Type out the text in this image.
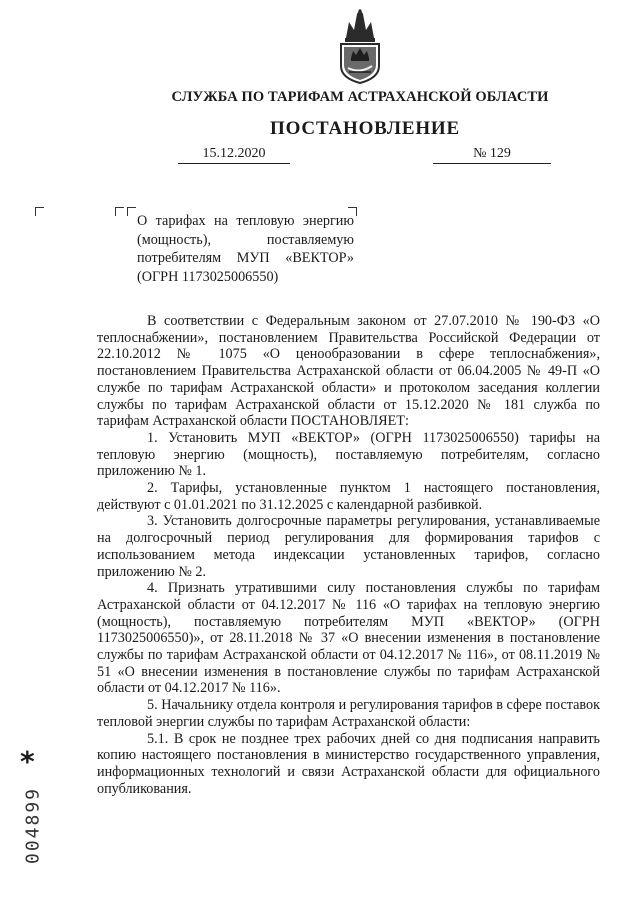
СЛУЖБА ПО ТАРИФАМ АСТРАХАНСКОЙ ОБЛАСТИ
ПОСТАНОВЛЕНИЕ
15.12.2020	№ 129
О тарифах на тепловую энергию
(мощность), поставляемую
потребителям МУП «ВЕКТОР»
(ОГРН 1173025006550)

В соответствии с Федеральным законом от 27.07.2010 № 190-ФЗ «О теплоснабжении», постановлением Правительства Российской Федерации от 22.10.2012 № 1075 «О ценообразовании в сфере теплоснабжения», постановлением Правительства Астраханской области от 06.04.2005 № 49-П «О службе по тарифам Астраханской области» и протоколом заседания коллегии службы по тарифам Астраханской области от 15.12.2020 № 181 служба по тарифам Астраханской области ПОСТАНОВЛЯЕТ:

1. Установить МУП «ВЕКТОР» (ОГРН 1173025006550) тарифы на тепловую энергию (мощность), поставляемую потребителям, согласно приложению № 1.

2. Тарифы, установленные пунктом 1 настоящего постановления, действуют с 01.01.2021 по 31.12.2025 с календарной разбивкой.

3. Установить долгосрочные параметры регулирования, устанавливаемые на долгосрочный период регулирования для формирования тарифов с использованием метода индексации установленных тарифов, согласно приложению № 2.

4. Признать утратившими силу постановления службы по тарифам Астраханской области от 04.12.2017 № 116 «О тарифах на тепловую энергию (мощность), поставляемую потребителям МУП «ВЕКТОР» (ОГРН 1173025006550)», от 28.11.2018 № 37 «О внесении изменения в постановление службы по тарифам Астраханской области от 04.12.2017 № 116», от 08.11.2019 № 51 «О внесении изменения в постановление службы по тарифам Астраханской области от 04.12.2017 № 116».

5. Начальнику отдела контроля и регулирования тарифов в сфере поставок тепловой энергии службы по тарифам Астраханской области:

5.1. В срок не позднее трех рабочих дней со дня подписания направить копию настоящего постановления в министерство государственного управления, информационных технологий и связи Астраханской области для официального опубликования.

*
004899
